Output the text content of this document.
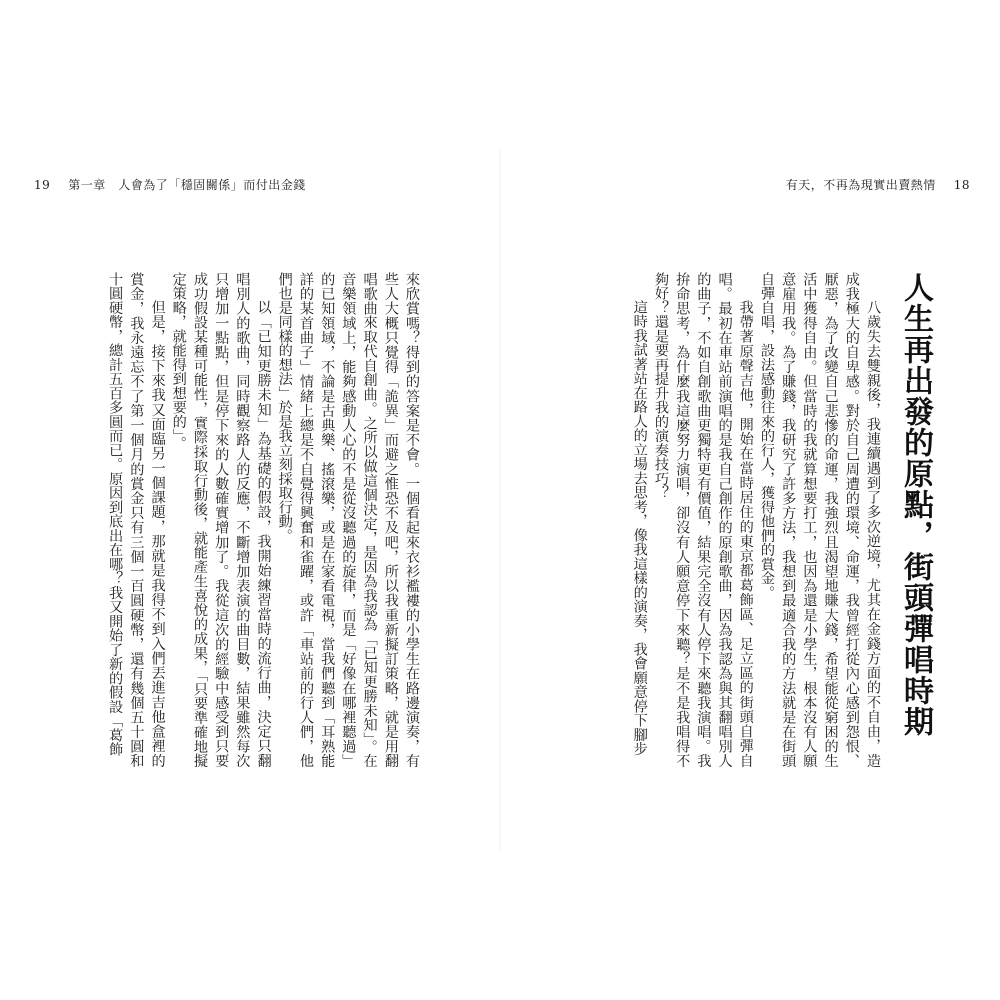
19 第一章　人會為了「穩固關係」而付出金錢	有天，不再為現實出賣熱情 18
人生再出發的原點，街頭彈唱時期

八歲失去雙親後，我連續遇到了多次逆境，尤其在金錢方面的不自由，造成我極大的自卑感。對於自己周遭的環境、命運，我曾經打從內心感到怨恨、厭惡，為了改變自己悲慘的命運，我強烈且渴望地賺大錢，希望能從窮困的生活中獲得自由。但當時的我就算想要打工，也因為還是小學生，根本沒有人願意雇用我。為了賺錢，我研究了許多方法，我想到最適合我的方法就是在街頭自彈自唱，設法感動往來的行人，獲得他們的賞金。

我帶著原聲吉他，開始在當時居住的東京都葛飾區、足立區的街頭自彈自唱。最初在車站前演唱的是我自己創作的原創歌曲，因為我認為與其翻唱別人的曲子，不如自創歌曲更獨特更有價值，結果完全沒有人停下來聽我演唱。我拚命思考，為什麼我這麼努力演唱，卻沒有人願意停下來聽？是不是我唱得不夠好？還是要再提升我的演奏技巧？

這時我試著站在路人的立場去思考，像我這樣的演奏，我會願意停下腳步

來欣賞嗎？得到的答案是不會。一個看起來衣衫襤褸的小學生在路邊演奏，有些人大概只覺得「詭異」而避之惟恐不及吧，所以我重新擬訂策略，就是用翻唱歌曲來取代自創曲。之所以做這個決定，是因為我認為「已知更勝未知」。在音樂領域上，能夠感動人心的不是從沒聽過的旋律，而是「好像在哪裡聽過」的已知領域，不論是古典樂、搖滾樂，或是在家看電視，當我們聽到「耳熟能詳的某首曲子」情緒上總是不自覺得興奮和雀躍，或許「車站前的行人們，他們也是同樣的想法」於是我立刻採取行動。

以「已知更勝未知」為基礎的假設，我開始練習當時的流行曲，決定只翻唱別人的歌曲，同時觀察路人的反應，不斷增加表演的曲目數，結果雖然每次只增加一點點，但是停下來的人數確實增加了。我從這次的經驗中感受到只要成功假設某種可能性，實際採取行動後，就能產生喜悅的成果，「只要準確地擬定策略，就能得到想要的」。

但是，接下來我又面臨另一個課題，那就是我得不到入們丟進吉他盒裡的賞金，我永遠忘不了第一個月的賞金只有三個一百圓硬幣，還有幾個五十圓和十圓硬幣，總計五百多圓而已。原因到底出在哪？我又開始了新的假設「葛飾
